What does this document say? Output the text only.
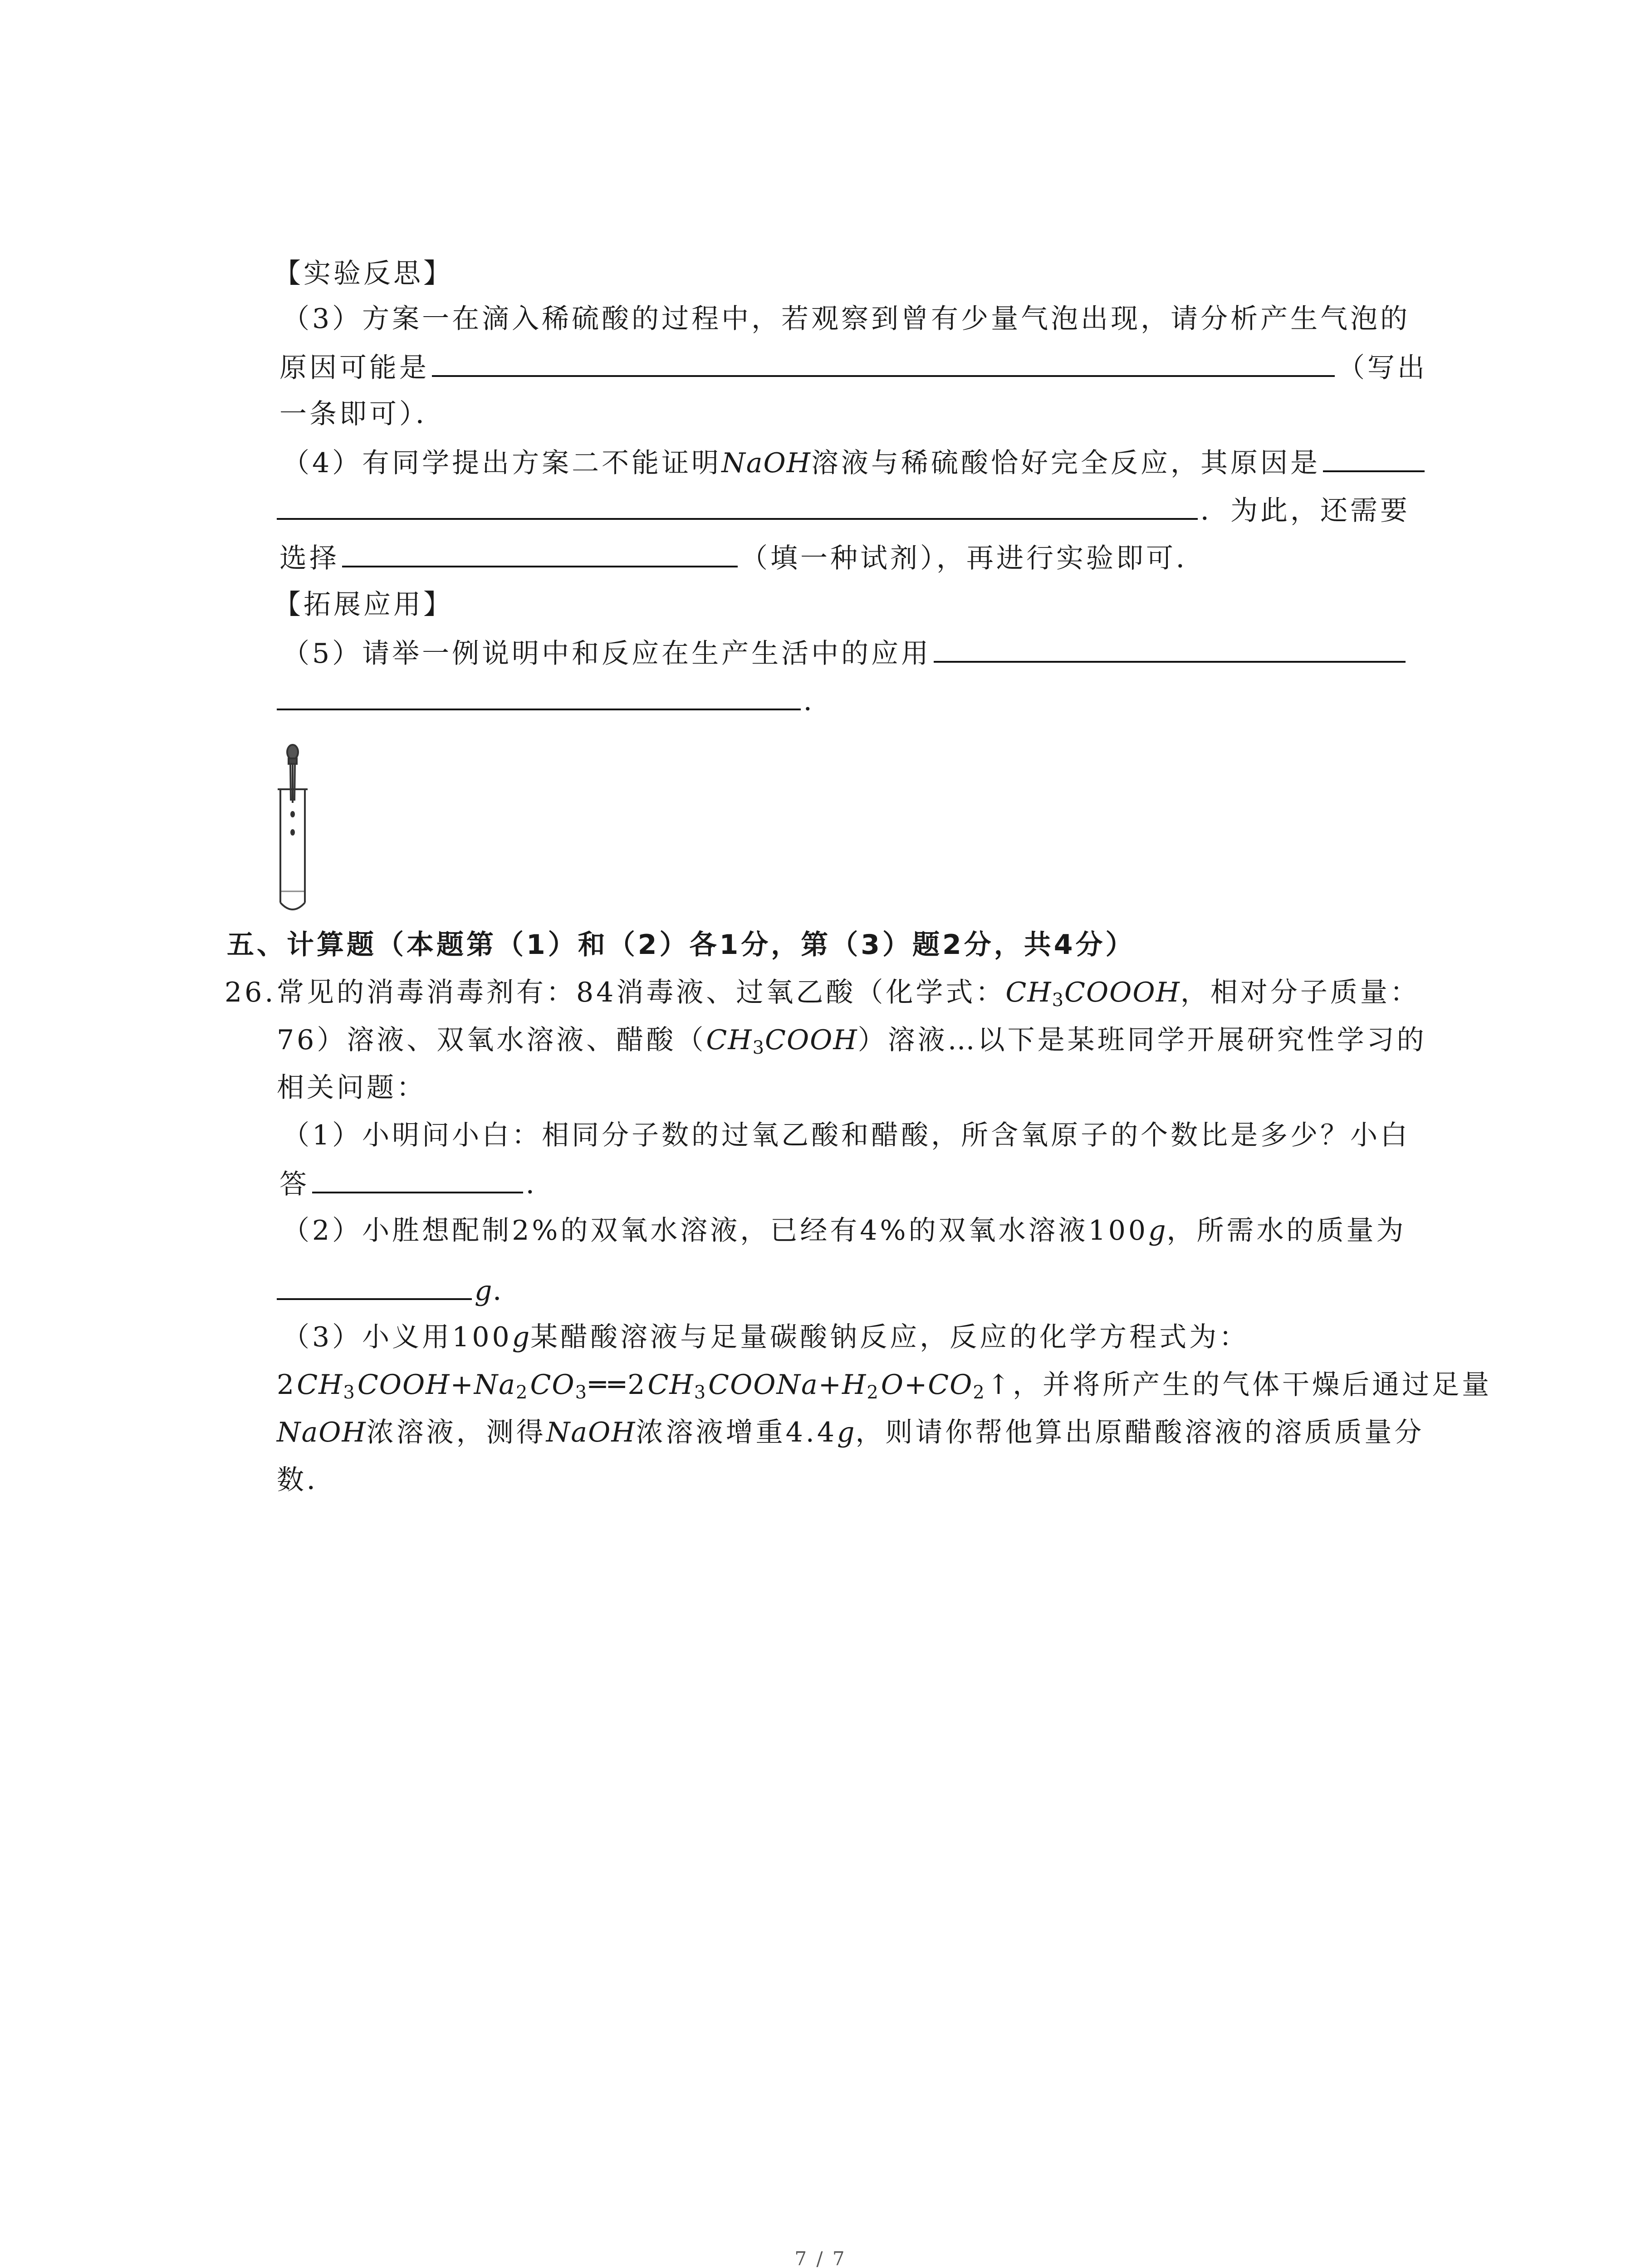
【实验反思】
（3）方案一在滴入稀硫酸的过程中，若观察到曾有少量气泡出现，请分析产生气泡的
原因可能是	（写出
一条即可）．
（4）有同学提出方案二不能证明NaOH溶液与稀硫酸恰好完全反应，其原因是
．为此，还需要
选择	（填一种试剂），再进行实验即可．
【拓展应用】
（5）请举一例说明中和反应在生产生活中的应用
．
五、计算题（本题第（1）和（2）各1分，第（3）题2分，共4分）
26.常见的消毒消毒剂有：84消毒液、过氧乙酸（化学式：$CH_3COOOH$，相对分子质量：
76）溶液、双氧水溶液、醋酸$(CH_3COOH)$溶液…以下是某班同学开展研究性学习的
相关问题：
（1）小明问小白：相同分子数的过氧乙酸和醋酸，所含氧原子的个数比是多少？小白
答	．
（2）小胜想配制2%的双氧水溶液，已经有4%的双氧水溶液100g，所需水的质量为
g．
（3）小义用100g某醋酸溶液与足量碳酸钠反应，反应的化学方程式为：
$2CH_3COOH+Na_2CO_3══2CH_3COONa+H_2O+CO_2↑$，并将所产生的气体干燥后通过足量
NaOH浓溶液，测得NaOH浓溶液增重4.4g，则请你帮他算出原醋酸溶液的溶质质量分
数．
7 / 7
